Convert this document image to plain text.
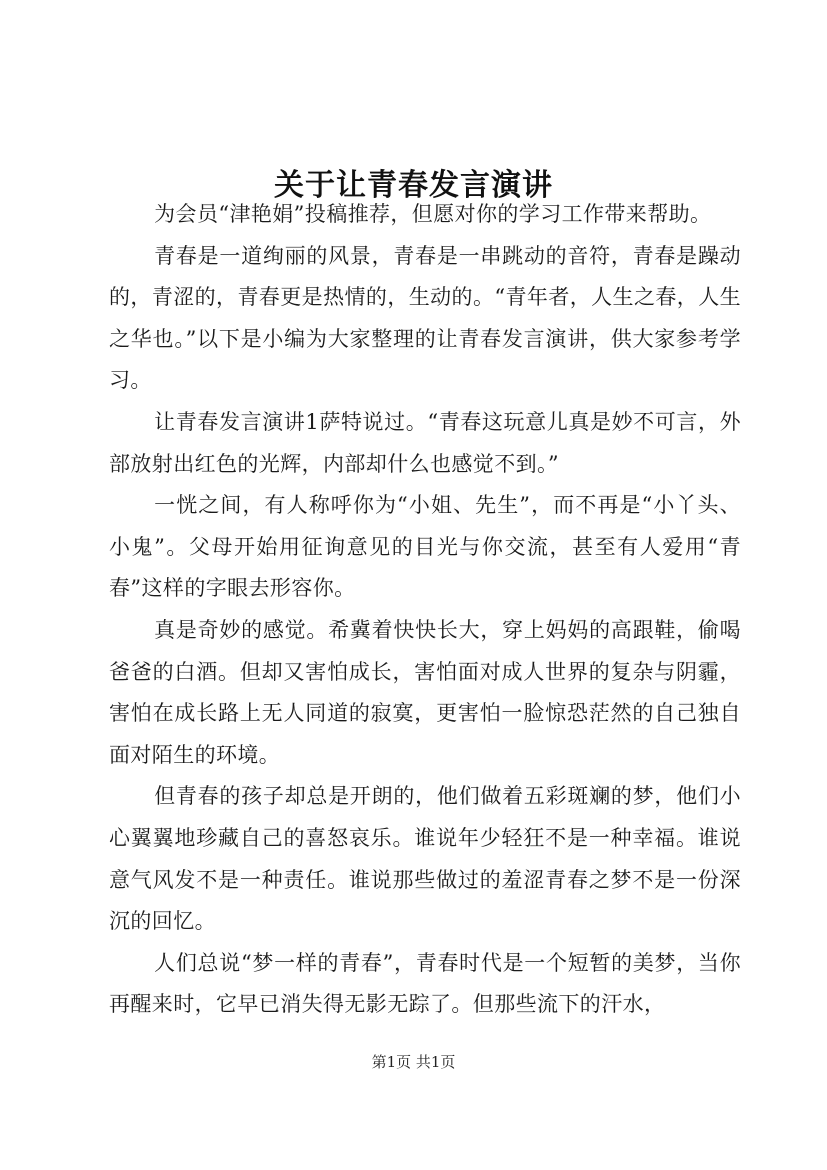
关于让青春发言演讲

为会员“津艳娟”投稿推荐，但愿对你的学习工作带来帮助。

青春是一道绚丽的风景，青春是一串跳动的音符，青春是躁动的，青涩的，青春更是热情的，生动的。“青年者，人生之春，人生之华也。”以下是小编为大家整理的让青春发言演讲，供大家参考学习。

让青春发言演讲1萨特说过。“青春这玩意儿真是妙不可言，外部放射出红色的光辉，内部却什么也感觉不到。”

一恍之间，有人称呼你为“小姐、先生”，而不再是“小丫头、小鬼”。父母开始用征询意见的目光与你交流，甚至有人爱用“青春”这样的字眼去形容你。

真是奇妙的感觉。希冀着快快长大，穿上妈妈的高跟鞋，偷喝爸爸的白酒。但却又害怕成长，害怕面对成人世界的复杂与阴霾，害怕在成长路上无人同道的寂寞，更害怕一脸惊恐茫然的自己独自面对陌生的环境。

但青春的孩子却总是开朗的，他们做着五彩斑斓的梦，他们小心翼翼地珍藏自己的喜怒哀乐。谁说年少轻狂不是一种幸福。谁说意气风发不是一种责任。谁说那些做过的羞涩青春之梦不是一份深沉的回忆。

人们总说“梦一样的青春”，青春时代是一个短暂的美梦，当你再醒来时，它早已消失得无影无踪了。但那些流下的汗水，

第1页 共1页
